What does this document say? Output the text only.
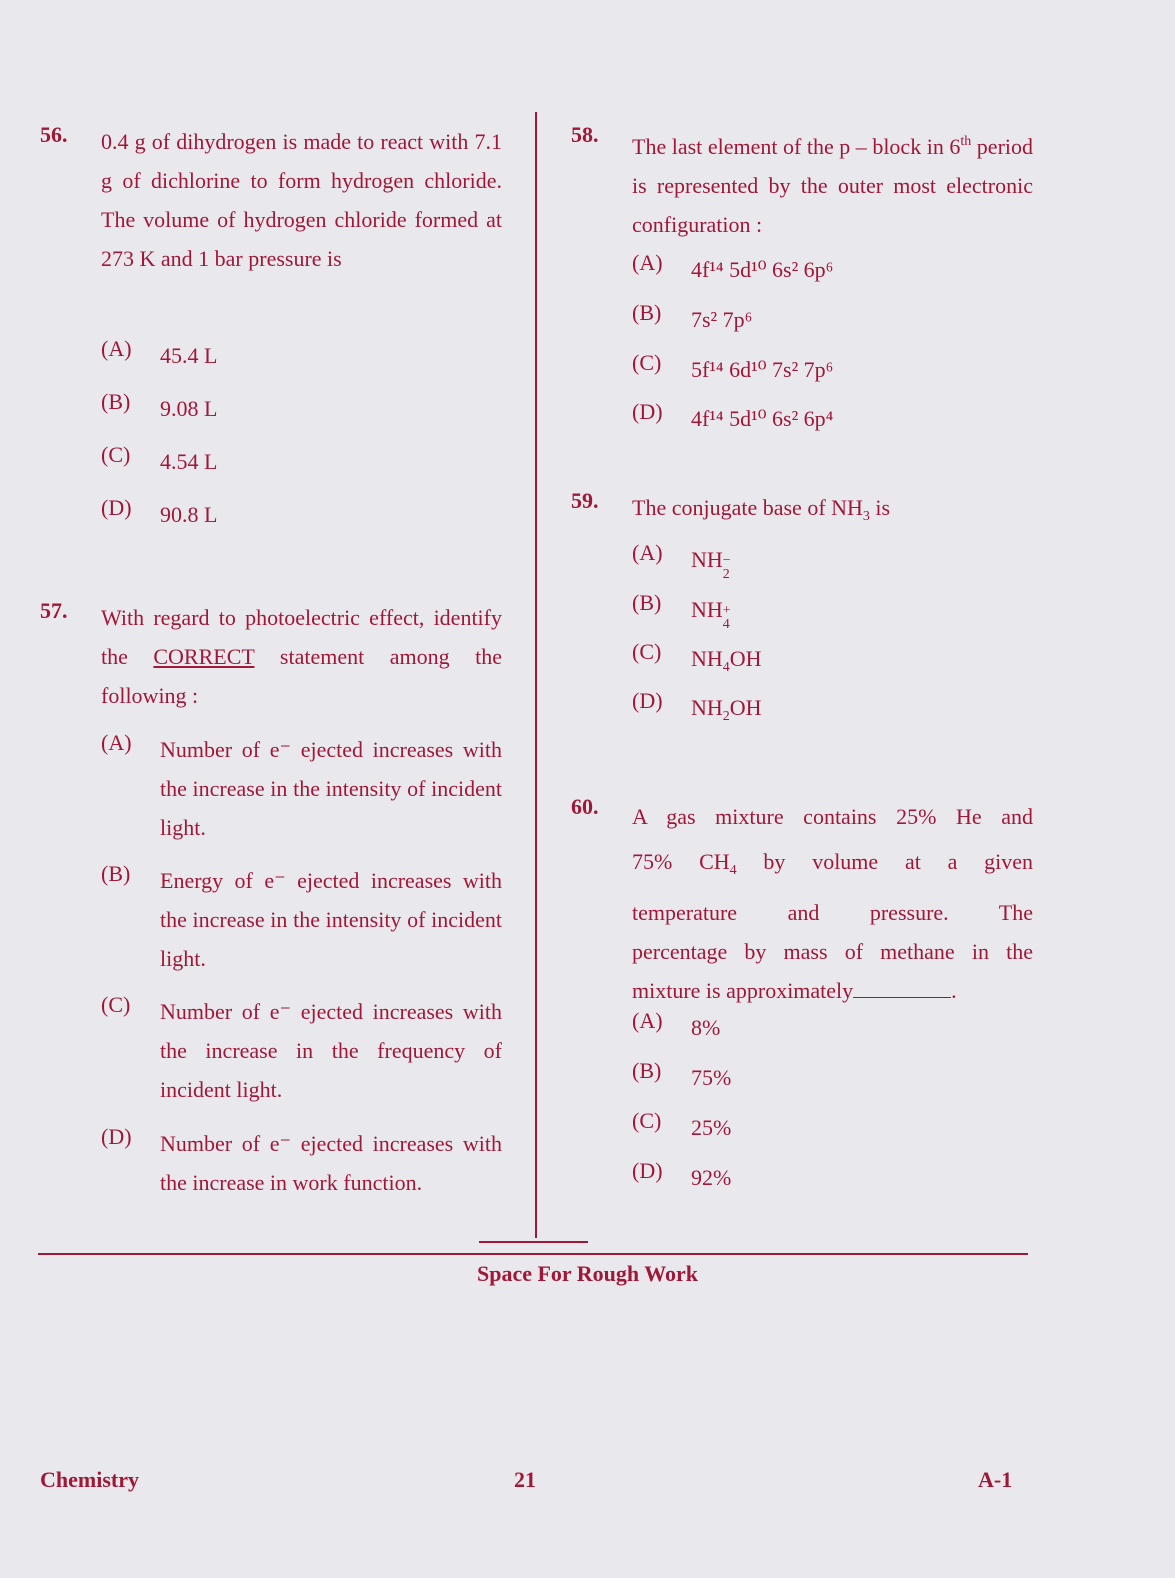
56. 0.4 g of dihydrogen is made to react with 7.1 g of dichlorine to form hydrogen chloride. The volume of hydrogen chloride formed at 273 K and 1 bar pressure is
(A) 45.4 L
(B) 9.08 L
(C) 4.54 L
(D) 90.8 L
57. With regard to photoelectric effect, identify the CORRECT statement among the following :
(A) Number of e⁻ ejected increases with the increase in the intensity of incident light.
(B) Energy of e⁻ ejected increases with the increase in the intensity of incident light.
(C) Number of e⁻ ejected increases with the increase in the frequency of incident light.
(D) Number of e⁻ ejected increases with the increase in work function.
58. The last element of the p – block in 6th period is represented by the outer most electronic configuration :
(A) 4f¹⁴ 5d¹⁰ 6s² 6p⁶
(B) 7s² 7p⁶
(C) 5f¹⁴ 6d¹⁰ 7s² 7p⁶
(D) 4f¹⁴ 5d¹⁰ 6s² 6p⁴
59. The conjugate base of $NH_3$ is
(A) NH −
2
(B) NH +
4
(C) $NH_4OH$
(D) $NH_2OH$
60. A gas mixture contains 25% He and
75% $CH_4$ by volume at a given
temperature and pressure. The
percentage by mass of methane in the
mixture is approximately	.
(A) 8%
(B) 75%
(C) 25%
(D) 92%
Space For Rough Work
Chemistry	21	A-1
